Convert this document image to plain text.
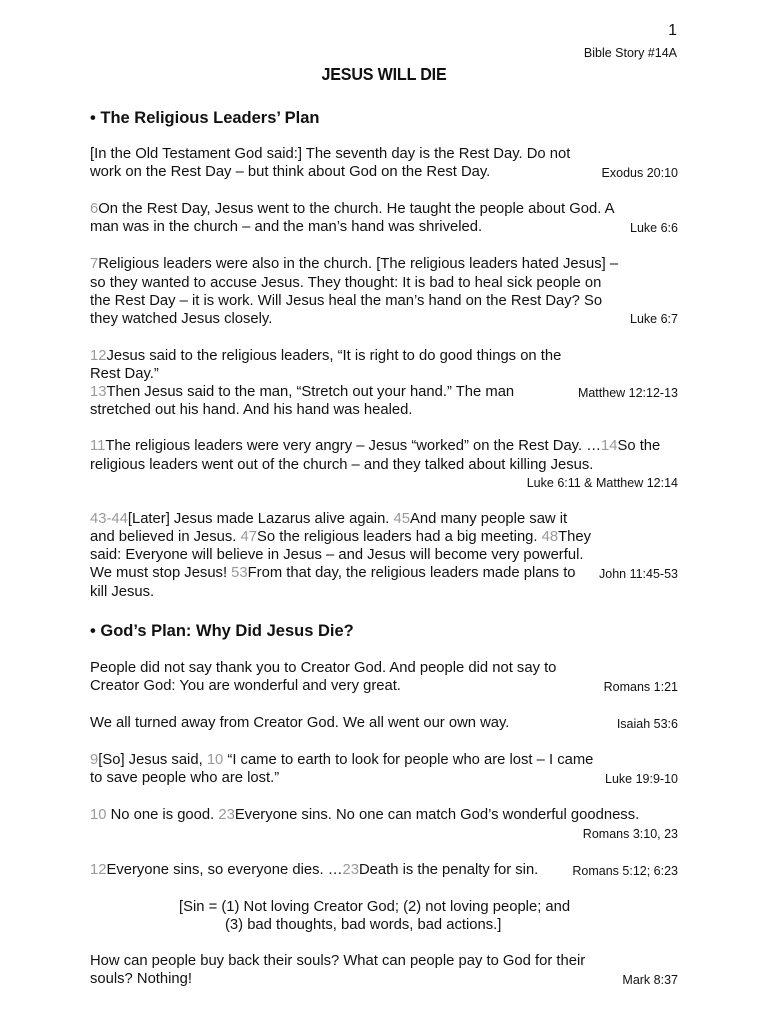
1
Bible Story #14A
JESUS WILL DIE
• The Religious Leaders’ Plan

Exodus 20:10
[In the Old Testament God said:] The seventh day is the Rest Day. Do not work on the Rest Day – but think about God on the Rest Day.

Luke 6:6
6On the Rest Day, Jesus went to the church. He taught the people about God. A man was in the church – and the man’s hand was shriveled.

Luke 6:7
7Religious leaders were also in the church. [The religious leaders hated Jesus] – so they wanted to accuse Jesus. They thought: It is bad to heal sick people on the Rest Day – it is work. Will Jesus heal the man’s hand on the Rest Day? So they watched Jesus closely.

Matthew 12:12-13
12Jesus said to the religious leaders, “It is right to do good things on the Rest Day.”
13Then Jesus said to the man, “Stretch out your hand.” The man stretched out his hand. And his hand was healed.

11The religious leaders were very angry – Jesus “worked” on the Rest Day. …14So the religious leaders went out of the church – and they talked about killing Jesus.

Luke 6:11 & Matthew 12:14

John 11:45-53
43-44[Later] Jesus made Lazarus alive again. 45And many people saw it and believed in Jesus. 47So the religious leaders had a big meeting. 48They said: Everyone will believe in Jesus – and Jesus will become very powerful. We must stop Jesus! 53From that day, the religious leaders made plans to kill Jesus.

• God’s Plan: Why Did Jesus Die?

Romans 1:21
People did not say thank you to Creator God. And people did not say to Creator God: You are wonderful and very great.

Isaiah 53:6
We all turned away from Creator God. We all went our own way.

Luke 19:9-10
9[So] Jesus said, 10 “I came to earth to look for people who are lost – I came to save people who are lost.”

10 No one is good. 23Everyone sins. No one can match God’s wonderful goodness.

Romans 3:10, 23

Romans 5:12; 6:23
12Everyone sins, so everyone dies. …23Death is the penalty for sin.

[Sin = (1) Not loving Creator God; (2) not loving people; and
(3) bad thoughts, bad words, bad actions.]

Mark 8:37
How can people buy back their souls? What can people pay to God for their souls? Nothing!
